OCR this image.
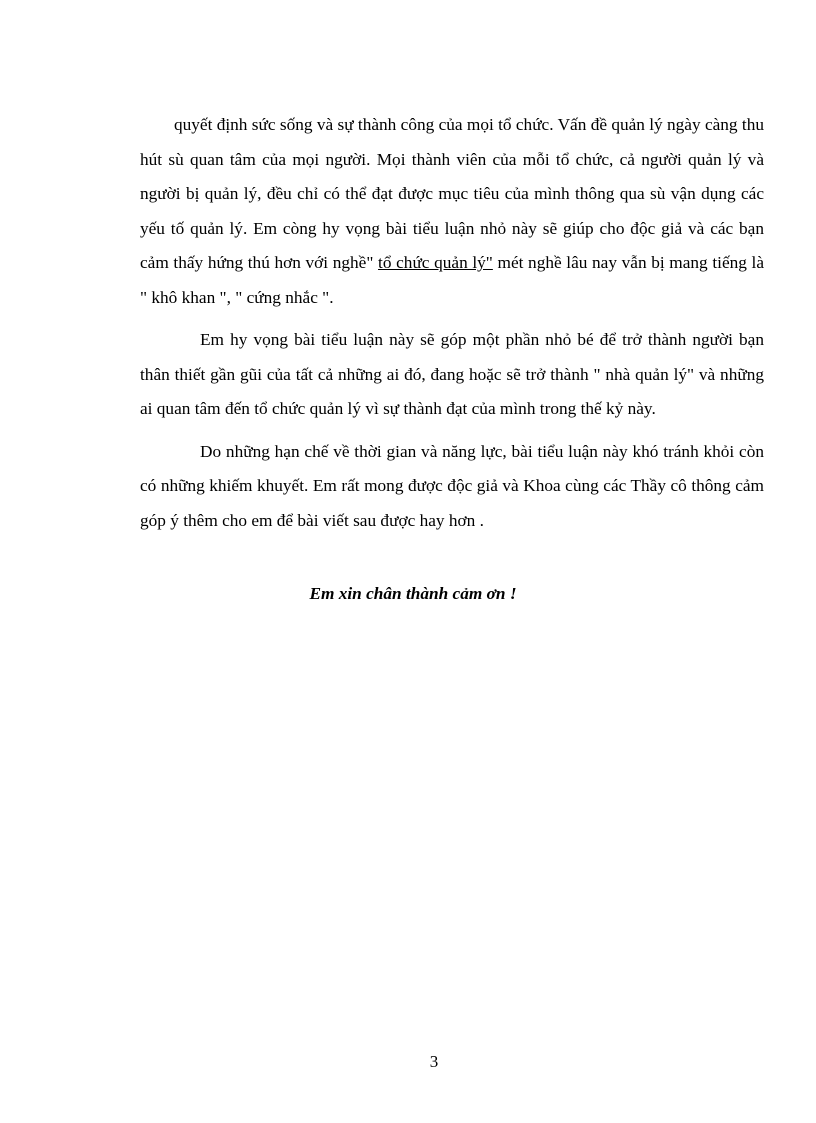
quyết định sức sống và sự thành công của mọi tổ chức. Vấn đề quản lý ngày càng thu hút sù quan tâm của mọi người. Mọi thành viên của mỗi tổ chức, cả người quản lý và người bị quản lý, đều chỉ có thể đạt được mục tiêu của mình thông qua sù vận dụng các yếu tố quản lý. Em còng hy vọng bài tiểu luận nhỏ này sẽ giúp cho độc giả và các bạn cảm thấy hứng thú hơn với nghề" tổ chức quản lý" mét nghề lâu nay vẫn bị mang tiếng là " khô khan ", " cứng nhắc ".

Em hy vọng bài tiểu luận này sẽ góp một phần nhỏ bé để trở thành người bạn thân thiết gần gũi của tất cả những ai đó, đang hoặc sẽ trở thành " nhà quản lý" và những ai quan tâm đến tổ chức quản lý vì sự thành đạt của mình trong thế kỷ này.

Do những hạn chế về thời gian và năng lực, bài tiểu luận này khó tránh khỏi còn có những khiếm khuyết. Em rất mong được độc giả và Khoa cùng các Thầy cô thông cảm góp ý thêm cho em để bài viết sau được hay hơn .

Em xin chân thành cảm ơn !
3
